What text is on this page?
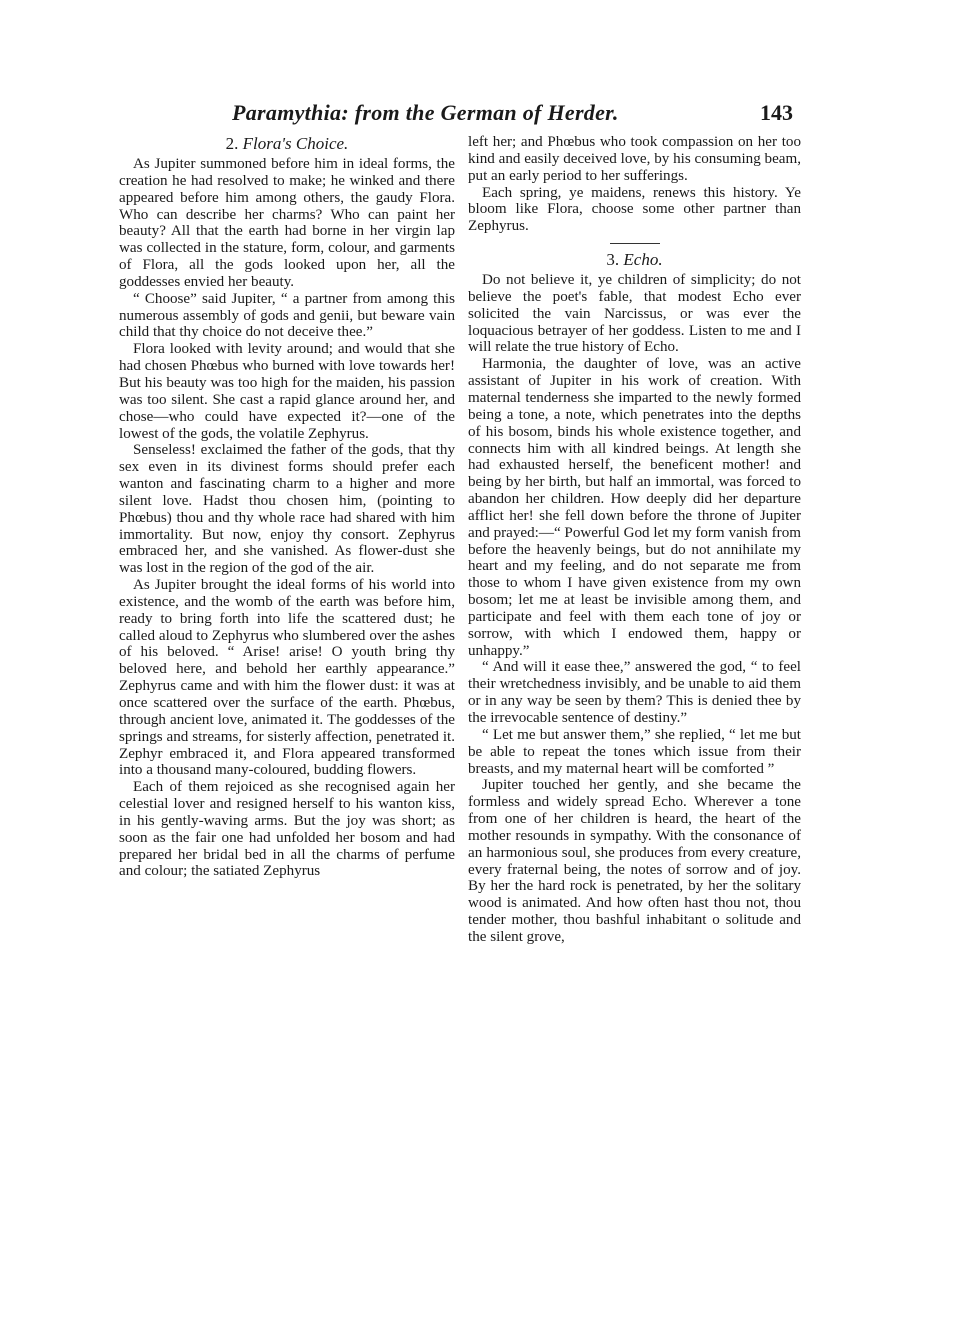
Paramythia: from the German of Herder.	143
2. Flora's Choice.

As Jupiter summoned before him in ideal forms, the creation he had resolved to make; he winked and there appeared before him among others, the gaudy Flora. Who can describe her charms? Who can paint her beauty? All that the earth had borne in her virgin lap was collected in the stature, form, colour, and garments of Flora, all the gods looked upon her, all the goddesses envied her beauty.

“ Choose” said Jupiter, “ a partner from among this numerous assembly of gods and genii, but beware vain child that thy choice do not deceive thee.”

Flora looked with levity around; and would that she had chosen Phœbus who burned with love towards her! But his beauty was too high for the maiden, his passion was too silent. She cast a rapid glance around her, and chose—who could have expected it?—one of the lowest of the gods, the volatile Zephyrus.

Senseless! exclaimed the father of the gods, that thy sex even in its divinest forms should prefer each wanton and fascinating charm to a higher and more silent love. Hadst thou chosen him, (pointing to Phœbus) thou and thy whole race had shared with him immortality. But now, enjoy thy consort. Zephyrus embraced her, and she vanished. As flower-dust she was lost in the region of the god of the air.

As Jupiter brought the ideal forms of his world into existence, and the womb of the earth was before him, ready to bring forth into life the scattered dust; he called aloud to Zephyrus who slumbered over the ashes of his beloved. “ Arise! arise! O youth bring thy beloved here, and behold her earthly appearance.” Zephyrus came and with him the flower dust: it was at once scattered over the surface of the earth. Phœbus, through ancient love, animated it. The goddesses of the springs and streams, for sisterly affection, penetrated it. Zephyr embraced it, and Flora appeared transformed into a thousand many-coloured, budding flowers.

Each of them rejoiced as she recognised again her celestial lover and resigned herself to his wanton kiss, in his gently-waving arms. But the joy was short; as soon as the fair one had unfolded her bosom and had prepared her bridal bed in all the charms of perfume and colour; the satiated Zephyrus

left her; and Phœbus who took compassion on her too kind and easily deceived love, by his consuming beam, put an early period to her sufferings.

Each spring, ye maidens, renews this history. Ye bloom like Flora, choose some other partner than Zephyrus.

3. Echo.

Do not believe it, ye children of simplicity; do not believe the poet's fable, that modest Echo ever solicited the vain Narcissus, or was ever the loquacious betrayer of her goddess. Listen to me and I will relate the true history of Echo.

Harmonia, the daughter of love, was an active assistant of Jupiter in his work of creation. With maternal tenderness she imparted to the newly formed being a tone, a note, which penetrates into the depths of his bosom, binds his whole existence together, and connects him with all kindred beings. At length she had exhausted herself, the beneficent mother! and being by her birth, but half an immortal, was forced to abandon her children. How deeply did her departure afflict her! she fell down before the throne of Jupiter and prayed:—“ Powerful God let my form vanish from before the heavenly beings, but do not annihilate my heart and my feeling, and do not separate me from those to whom I have given existence from my own bosom; let me at least be invisible among them, and participate and feel with them each tone of joy or sorrow, with which I endowed them, happy or unhappy.”

“ And will it ease thee,” answered the god, “ to feel their wretchedness invisibly, and be unable to aid them or in any way be seen by them? This is denied thee by the irrevocable sentence of destiny.”

“ Let me but answer them,” she replied, “ let me but be able to repeat the tones which issue from their breasts, and my maternal heart will be comforted ”

Jupiter touched her gently, and she became the formless and widely spread Echo. Wherever a tone from one of her children is heard, the heart of the mother resounds in sympathy. With the consonance of an harmonious soul, she produces from every creature, every fraternal being, the notes of sorrow and of joy. By her the hard rock is penetrated, by her the solitary wood is animated. And how often hast thou not, thou tender mother, thou bashful inhabitant o solitude and the silent grove,
